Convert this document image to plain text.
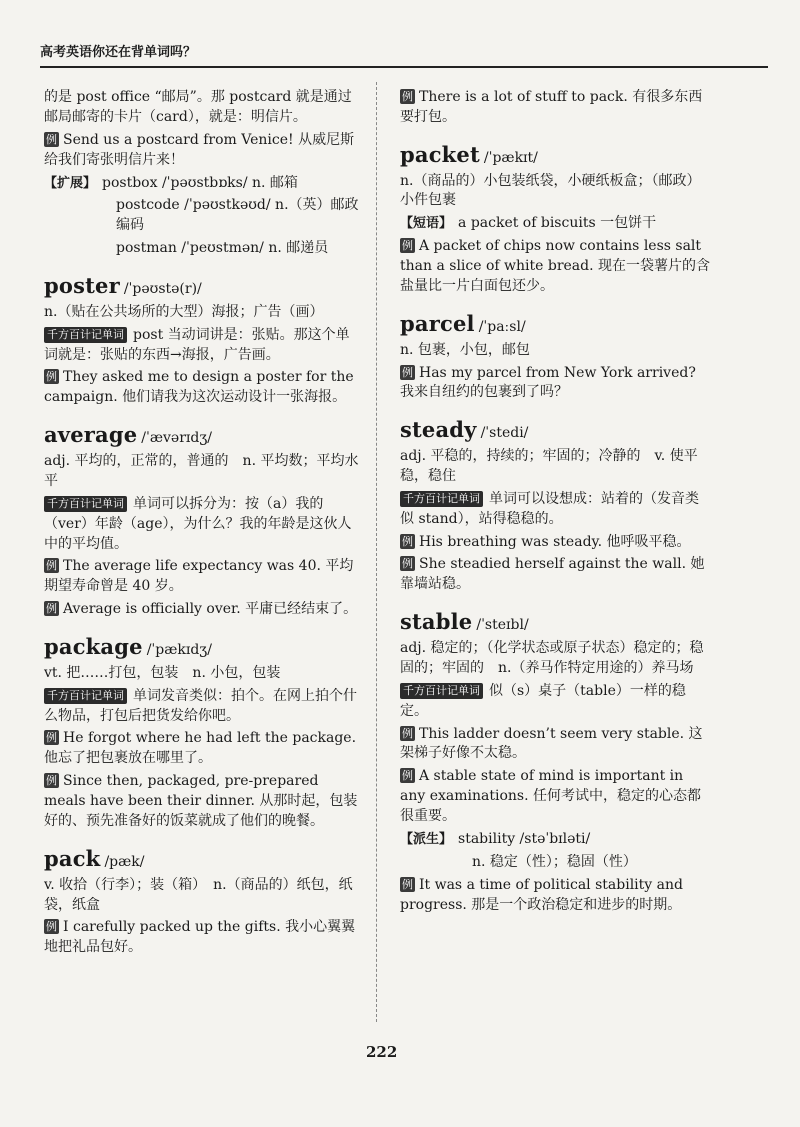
高考英语你还在背单词吗？

的是 post office “邮局”。那 postcard 就是通过邮局邮寄的卡片（card），就是：明信片。

例 Send us a postcard from Venice! 从威尼斯给我们寄张明信片来！

【扩展】 postbox /ˈpəʊstbɒks/ n. 邮箱

postcode /ˈpəʊstkəʊd/ n.（英）邮政编码

postman /ˈpeʊstmən/ n. 邮递员

poster /ˈpəʊstə(r)/

n.（贴在公共场所的大型）海报；广告（画）

千方百计记单词 post 当动词讲是：张贴。那这个单词就是：张贴的东西→海报，广告画。

例 They asked me to design a poster for the campaign. 他们请我为这次运动设计一张海报。

average /ˈævərɪdʒ/

adj. 平均的，正常的，普通的　n. 平均数；平均水平

千方百计记单词 单词可以拆分为：按（a）我的（ver）年龄（age），为什么？我的年龄是这伙人中的平均值。

例 The average life expectancy was 40. 平均期望寿命曾是 40 岁。

例 Average is officially over. 平庸已经结束了。

package /ˈpækɪdʒ/

vt. 把……打包，包装　n. 小包，包装

千方百计记单词 单词发音类似：拍个。在网上拍个什么物品，打包后把货发给你吧。

例 He forgot where he had left the package. 他忘了把包裹放在哪里了。

例 Since then, packaged, pre-prepared meals have been their dinner. 从那时起，包装好的、预先准备好的饭菜就成了他们的晚餐。

pack /pæk/

v. 收拾（行李）；装（箱）　n.（商品的）纸包，纸袋，纸盒

例 I carefully packed up the gifts. 我小心翼翼地把礼品包好。

例 There is a lot of stuff to pack. 有很多东西要打包。

packet /ˈpækɪt/

n.（商品的）小包装纸袋，小硬纸板盒；（邮政）小件包裹

【短语】 a packet of biscuits 一包饼干

例 A packet of chips now contains less salt than a slice of white bread. 现在一袋薯片的含盐量比一片白面包还少。

parcel /ˈpaːsl/

n. 包裹，小包，邮包

例 Has my parcel from New York arrived? 我来自纽约的包裹到了吗？

steady /ˈstedi/

adj. 平稳的，持续的；牢固的；冷静的　v. 使平稳，稳住

千方百计记单词 单词可以设想成：站着的（发音类似 stand），站得稳稳的。

例 His breathing was steady. 他呼吸平稳。

例 She steadied herself against the wall. 她靠墙站稳。

stable /ˈsteɪbl/

adj. 稳定的；（化学状态或原子状态）稳定的；稳固的；牢固的　n.（养马作特定用途的）养马场

千方百计记单词 似（s）桌子（table）一样的稳定。

例 This ladder doesn’t seem very stable. 这架梯子好像不太稳。

例 A stable state of mind is important in any examinations. 任何考试中，稳定的心态都很重要。

【派生】 stability /stəˈbɪləti/

n. 稳定（性）；稳固（性）

例 It was a time of political stability and progress. 那是一个政治稳定和进步的时期。

222
